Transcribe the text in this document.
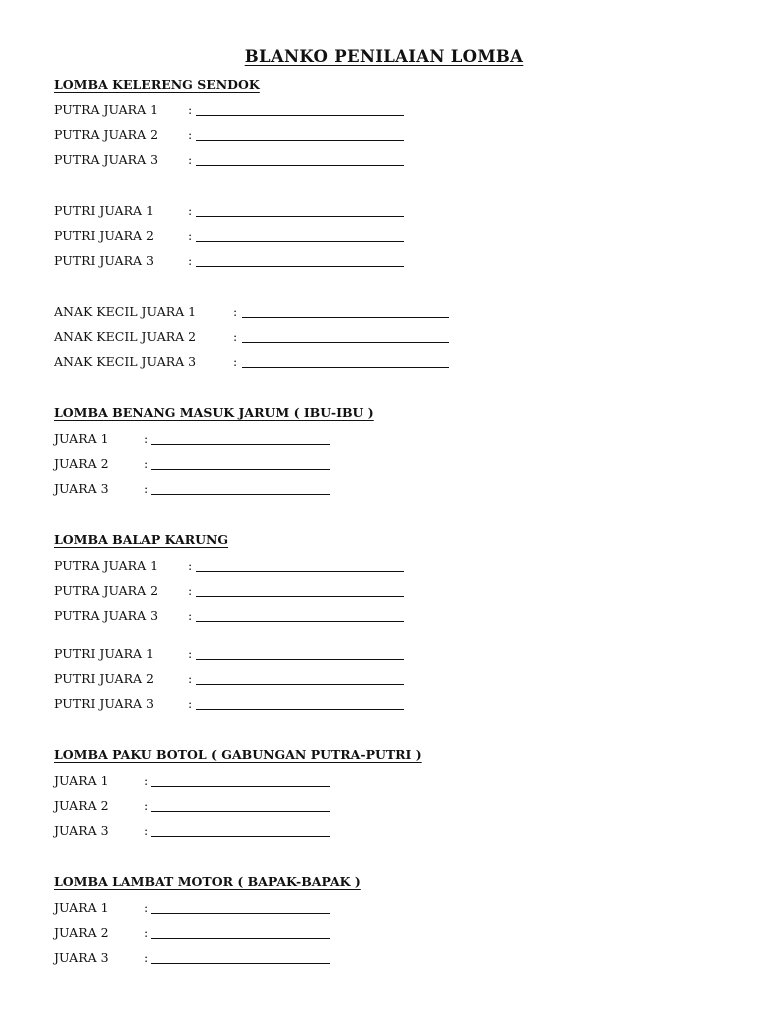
BLANKO PENILAIAN LOMBA
LOMBA KELERENG SENDOK
PUTRA JUARA 1 :
PUTRA JUARA 2 :
PUTRA JUARA 3 :
PUTRI JUARA 1	:
PUTRI JUARA 2	:
PUTRI JUARA 3	:
ANAK KECIL JUARA 1	:
ANAK KECIL JUARA 2	:
ANAK KECIL JUARA 3	:
LOMBA BENANG MASUK JARUM ( IBU-IBU )
JUARA 1	:
JUARA 2	:
JUARA 3	:
LOMBA BALAP KARUNG
PUTRA JUARA 1 :
PUTRA JUARA 2 :
PUTRA JUARA 3 :
PUTRI JUARA 1	:
PUTRI JUARA 2	:
PUTRI JUARA 3	:
LOMBA PAKU BOTOL ( GABUNGAN PUTRA-PUTRI )
JUARA 1	:
JUARA 2	:
JUARA 3	:
LOMBA LAMBAT MOTOR ( BAPAK-BAPAK )
JUARA 1	:
JUARA 2	:
JUARA 3	:
